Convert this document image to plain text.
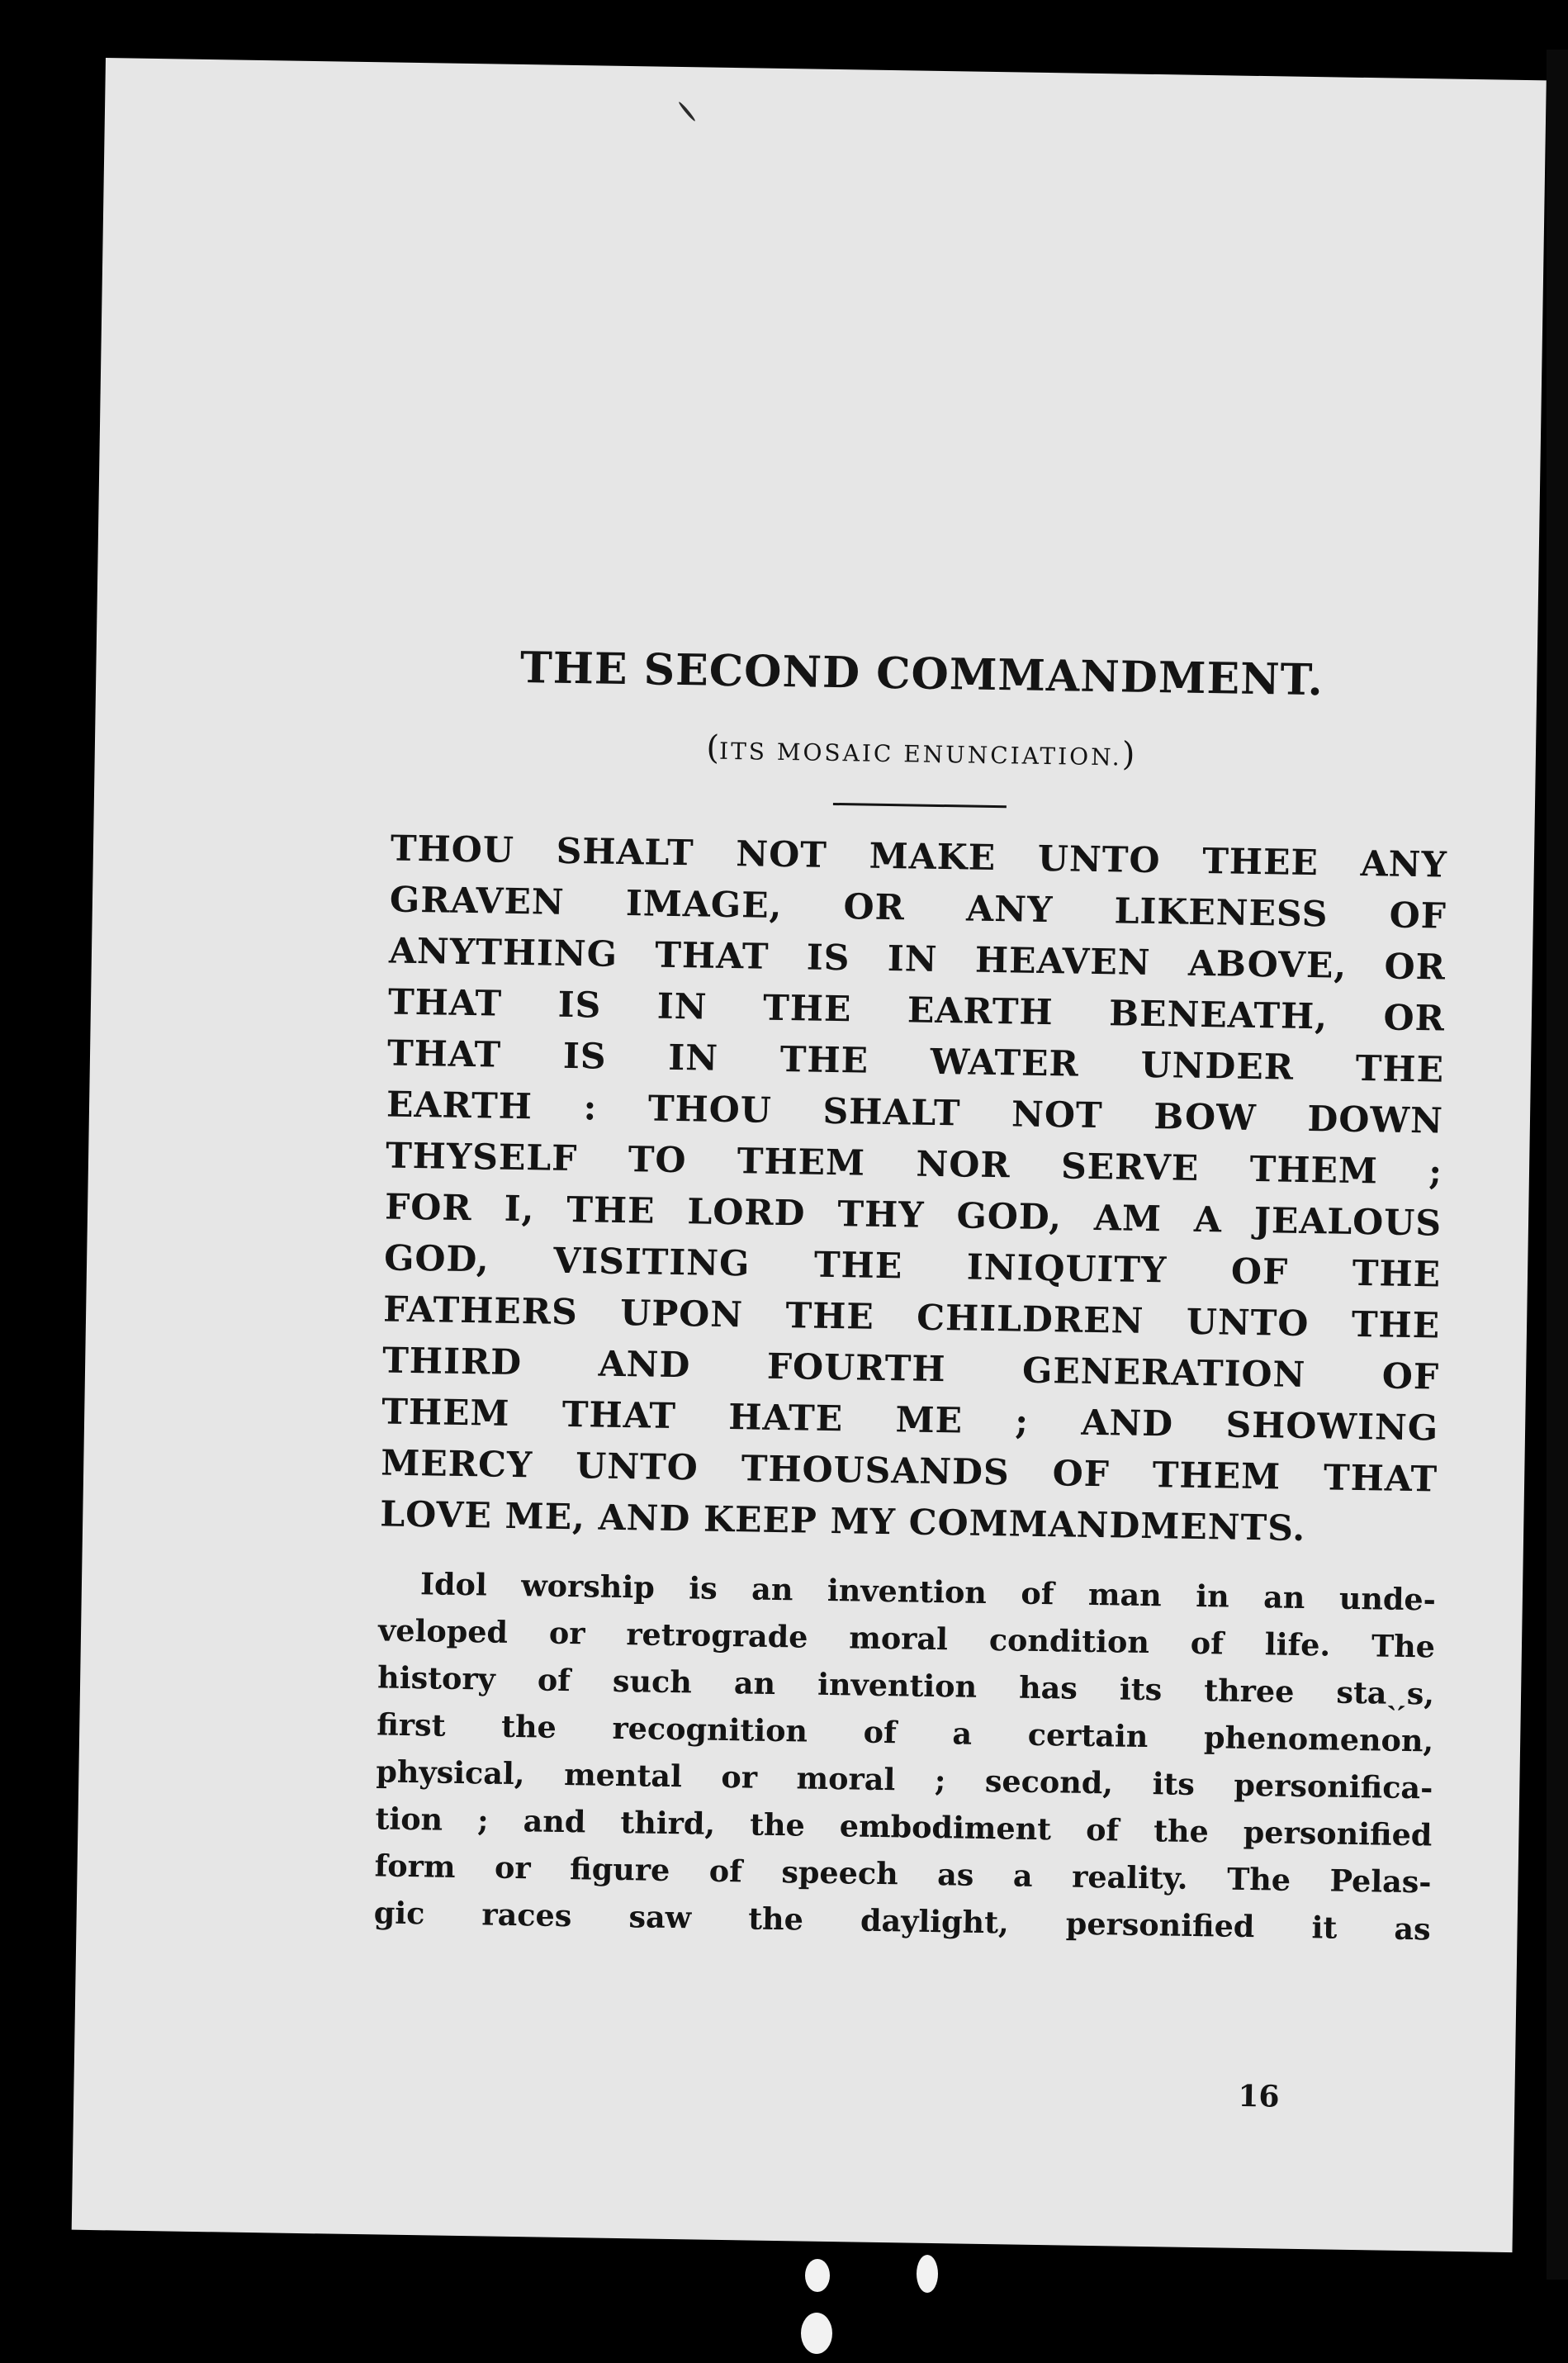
THE SECOND COMMANDMENT.

(ITS MOSAIC ENUNCIATION.)

THOU SHALT NOT MAKE UNTO THEE ANY
GRAVEN IMAGE, OR ANY LIKENESS OF
ANYTHING THAT IS IN HEAVEN ABOVE, OR
THAT IS IN THE EARTH BENEATH, OR
THAT IS IN THE WATER UNDER THE
EARTH : THOU SHALT NOT BOW DOWN
THYSELF TO THEM NOR SERVE THEM ;
FOR I, THE LORD THY GOD, AM A JEALOUS
GOD, VISITING THE INIQUITY OF THE
FATHERS UPON THE CHILDREN UNTO THE
THIRD AND FOURTH GENERATION OF
THEM THAT HATE ME ; AND SHOWING
MERCY UNTO THOUSANDS OF THEM THAT
LOVE ME, AND KEEP MY COMMANDMENTS.
Idol worship is an invention of man in an unde-
veloped or retrograde moral condition of life. The
history of such an invention has its three staˎˏs,
first the recognition of a certain phenomenon,
physical, mental or moral ; second, its personifica-
tion ; and third, the embodiment of the personified
form or figure of speech as a reality. The Pelas-
gic races saw the daylight, personified it as
16
